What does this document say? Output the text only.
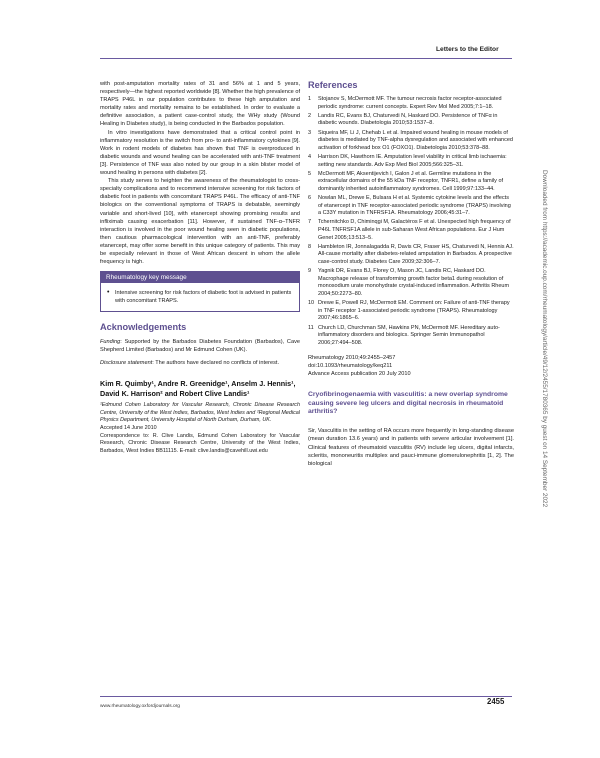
Letters to the Editor
Downloaded from https://academic.oup.com/rheumatology/article/49/12/2455/1780365 by guest on 14 September 2022

with post-amputation mortality rates of 31 and 56% at 1 and 5 years, respectively—the highest reported worldwide [8]. Whether the high prevalence of TRAPS P46L in our population contributes to these high amputation and mortality rates and mortality remains to be established. In order to evaluate a definitive association, a patient case-control study, the WHy study (Wound Healing in Diabetes study), is being conducted in the Barbados population.

In vitro investigations have demonstrated that a critical control point in inflammatory resolution is the switch from pro- to anti-inflammatory cytokines [9]. Work in rodent models of diabetes has shown that TNF is overproduced in diabetic wounds and wound healing can be accelerated with anti-TNF treatment [3]. Persistence of TNF was also noted by our group in a skin blister model of wound healing in persons with diabetes [2].

This study serves to heighten the awareness of the rheumatologist to cross-specialty complications and to recommend intensive screening for risk factors of diabetic foot in patients with concomitant TRAPS P46L. The efficacy of anti-TNF biologics on the conventional symptoms of TRAPS is debatable, seemingly variable and short-lived [10], with etanercept showing promising results and infliximab causing exacerbation [11]. However, if sustained TNF-α–TNFR interaction is involved in the poor wound healing seen in diabetic populations, then cautious pharmacological intervention with an anti-TNF, preferably etanercept, may offer some benefit in this unique category of patients. This may be especially relevant in those of West African descent in whom the allele frequency is high.

Rheumatology key message
• Intensive screening for risk factors of diabetic foot is advised in patients with concomitant TRAPS.
Acknowledgements

Funding: Supported by the Barbados Diabetes Foundation (Barbados), Cave Shepherd Limited (Barbados) and Mr Edmund Cohen (UK).

Disclosure statement: The authors have declared no conflicts of interest.

Kim R. Quimby¹, Andre R. Greenidge¹, Anselm J. Hennis¹, David K. Harrison² and Robert Clive Landis¹

¹Edmund Cohen Laboratory for Vascular Research, Chronic Disease Research Centre, University of the West Indies, Barbados, West Indies and ²Regional Medical Physics Department, University Hospital of North Durham, Durham, UK.

Accepted 14 June 2010

Correspondence to: R. Clive Landis, Edmund Cohen Laboratory for Vascular Research, Chronic Disease Research Centre, University of the West Indies, Barbados, West Indies BB11115. E-mail: clive.landis@cavehill.uwi.edu

References
1	Stojanov S, McDermott MF. The tumour necrosis factor receptor-associated periodic syndrome: current concepts. Expert Rev Mol Med 2005;7:1–18.
2	Landis RC, Evans BJ, Chaturvedi N, Haskard DO. Persistence of TNFα in diabetic wounds. Diabetologia 2010;53:1537–8.
3	Siqueira MF, Li J, Chehab L et al. Impaired wound healing in mouse models of diabetes is mediated by TNF-alpha dysregulation and associated with enhanced activation of forkhead box O1 (FOXO1). Diabetologia 2010;53:378–88.
4	Harrison DK, Hawthorn IE. Amputation level viability in critical limb ischaemia: setting new standards. Adv Exp Med Biol 2005;566:325–31.
5	McDermott MF, Aksentijevich I, Galon J et al. Germline mutations in the extracellular domains of the 55 kDa TNF receptor, TNFR1, define a family of dominantly inherited autoinflammatory syndromes. Cell 1999;97:133–44.
6	Nowlan ML, Drewe E, Bulsara H et al. Systemic cytokine levels and the effects of etanercept in TNF receptor-associated periodic syndrome (TRAPS) involving a C33Y mutation in TNFRSF1A. Rheumatology 2006;45:31–7.
7	Tchernitchko D, Chiminqgi M, Galactéros F et al. Unexpected high frequency of P46L TNFRSF1A allele in sub-Saharan West African populations. Eur J Hum Genet 2005;13:513–5.
8	Hambleton IR, Jonnalagadda R, Davis CR, Fraser HS, Chaturvedi N, Hennis AJ. All-cause mortality after diabetes-related amputation in Barbados. A prospective case-control study. Diabetes Care 2009;32:306–7.
9	Yagnik DR, Evans BJ, Florey O, Mason JC, Landis RC, Haskard DO. Macrophage release of transforming growth factor beta1 during resolution of monosodium urate monohydrate crystal-induced inflammation. Arthritis Rheum 2004;50:2273–80.
10 Drewe E, Powell RJ, McDermott EM. Comment on: Failure of anti-TNF therapy in TNF receptor 1-associated periodic syndrome (TRAPS). Rheumatology 2007;46:1865–6.
11 Church LD, Churchman SM, Hawkins PN, McDermott MF. Hereditary auto-inflammatory disorders and biologics. Springer Semin Immunopathol 2006;27:494–508.
Rheumatology 2010;49:2455–2457
doi:10.1093/rheumatology/keq211
Advance Access publication 20 July 2010
Cryofibrinogenaemia with vasculitis: a new overlap syndrome causing severe leg ulcers and digital necrosis in rheumatoid arthritis?

Sir, Vasculitis in the setting of RA occurs more frequently in long-standing disease (mean duration 13.6 years) and in patients with severe articular involvement [1]. Clinical features of rheumatoid vasculitis (RV) include leg ulcers, digital infarcts, scleritis, mononeuritis multiplex and pauci-immune glomerulonephritis [1, 2]. The biological

www.rheumatology.oxfordjournals.org
2455
